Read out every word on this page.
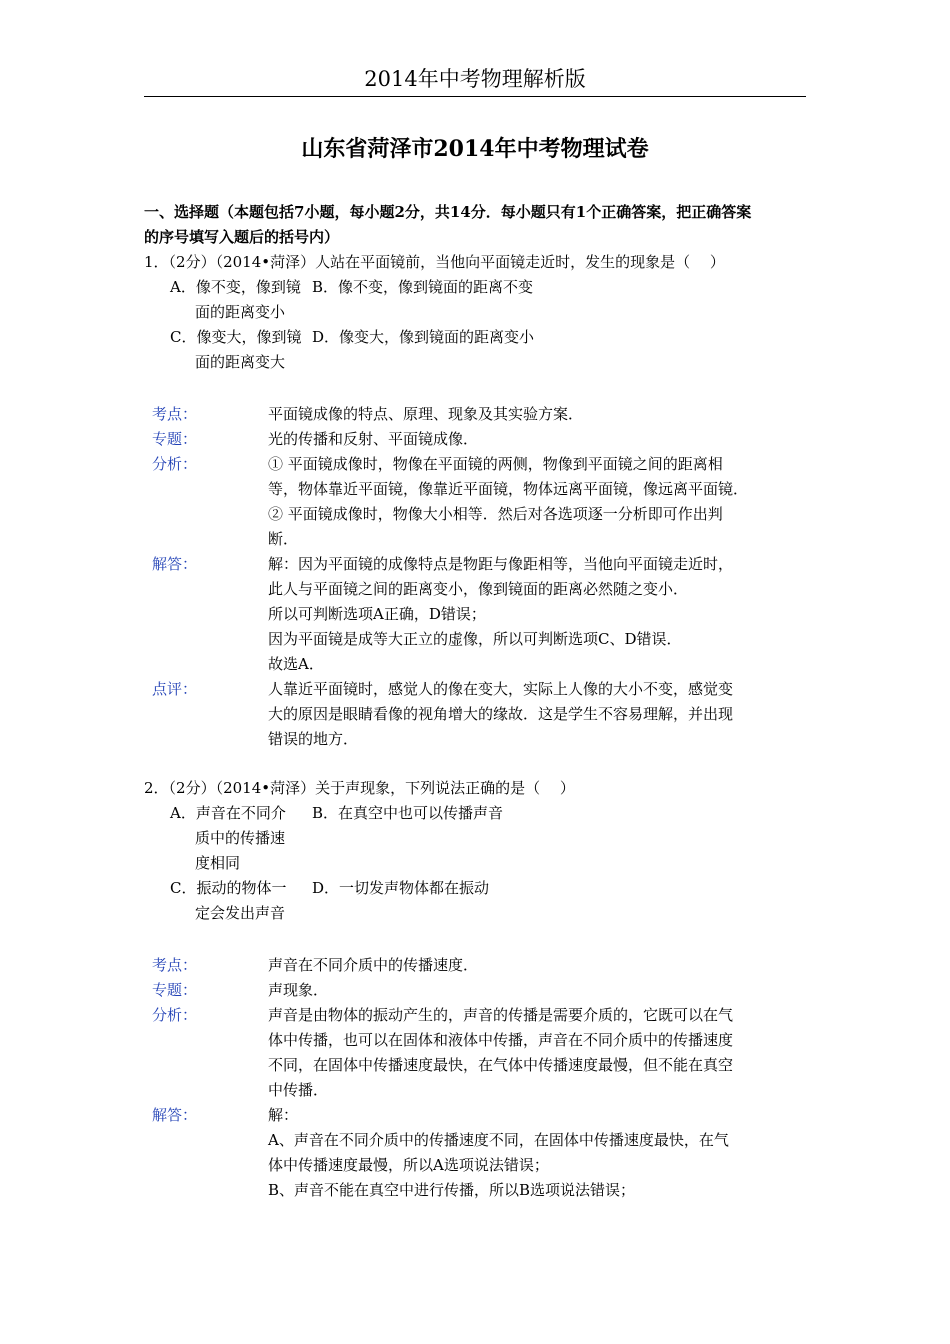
2014年中考物理解析版
山东省菏泽市2014年中考物理试卷
一、选择题（本题包括7小题，每小题2分，共14分．每小题只有1个正确答案，把正确答案
的序号填写入题后的括号内）
1．（2分）（2014•菏泽）人站在平面镜前，当他向平面镜走近时，发生的现象是（　 ）
A．像不变，像到镜
面的距离变小
B．像不变，像到镜面的距离不变
C．像变大，像到镜
面的距离变大
D．像变大，像到镜面的距离变小
考点：	平面镜成像的特点、原理、现象及其实验方案．
专题：	光的传播和反射、平面镜成像．
分析：	① 平面镜成像时，物像在平面镜的两侧，物像到平面镜之间的距离相
等，物体靠近平面镜，像靠近平面镜，物体远离平面镜，像远离平面镜．
② 平面镜成像时，物像大小相等．然后对各选项逐一分析即可作出判
断．
解答：	解：因为平面镜的成像特点是物距与像距相等，当他向平面镜走近时，
此人与平面镜之间的距离变小，像到镜面的距离必然随之变小．
所以可判断选项A正确，D错误；
因为平面镜是成等大正立的虚像，所以可判断选项C、D错误．
故选A．
点评：	人靠近平面镜时，感觉人的像在变大，实际上人像的大小不变，感觉变
大的原因是眼睛看像的视角增大的缘故．这是学生不容易理解，并出现
错误的地方．
2．（2分）（2014•菏泽）关于声现象，下列说法正确的是（　 ）
A．声音在不同介
质中的传播速
度相同
B．在真空中也可以传播声音
C．振动的物体一
定会发出声音
D．一切发声物体都在振动
考点：	声音在不同介质中的传播速度．
专题：	声现象．
分析：	声音是由物体的振动产生的，声音的传播是需要介质的，它既可以在气
体中传播，也可以在固体和液体中传播，声音在不同介质中的传播速度
不同，在固体中传播速度最快，在气体中传播速度最慢，但不能在真空
中传播．
解答：	解：
A、声音在不同介质中的传播速度不同，在固体中传播速度最快，在气
体中传播速度最慢，所以A选项说法错误；
B、声音不能在真空中进行传播，所以B选项说法错误；
